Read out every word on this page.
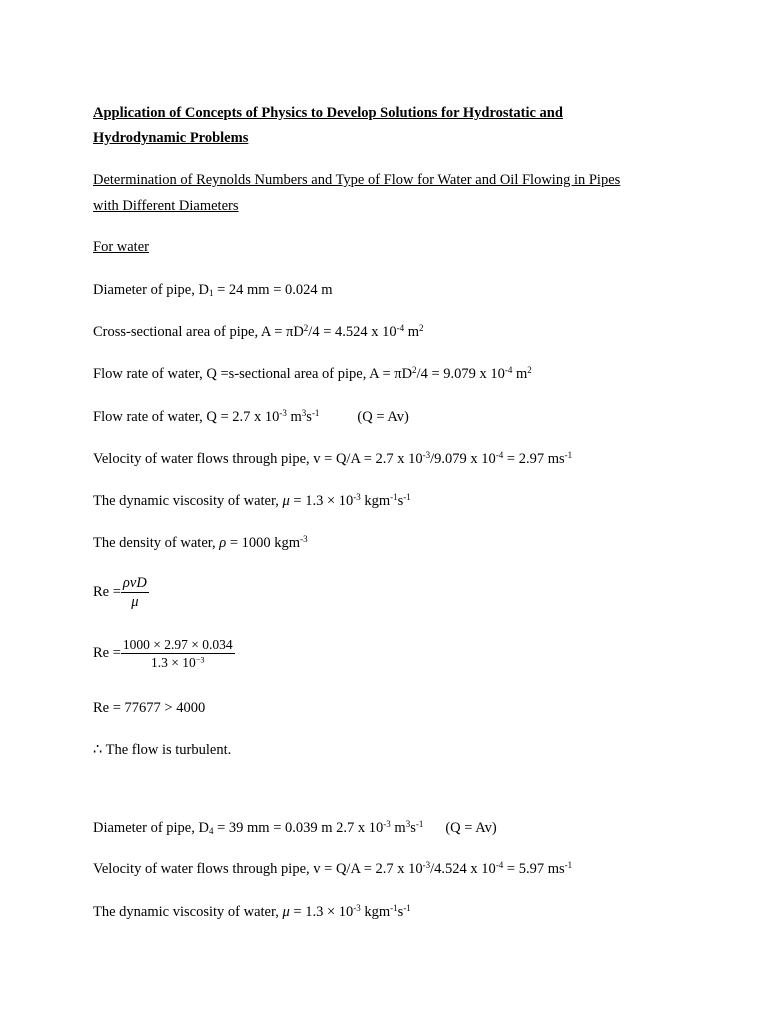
Application of Concepts of Physics to Develop Solutions for Hydrostatic and
Hydrodynamic Problems
Determination of Reynolds Numbers and Type of Flow for Water and Oil Flowing in Pipes
with Different Diameters
For water
Diameter of pipe, $D_1 = 24$ mm = 0.024 m
Cross-sectional area of pipe, $A = \pi D^2/4 = 4.524$ x $10^{-4}$ $m^2$
Flow rate of water, Q =s-sectional area of pipe, $A = \pi D^2/4 = 9.079$ x $10^{-4}$ $m^2$
Flow rate of water, Q = 2.7 x $10^{-3}$ $m^3s^{-1}$	(Q = Av)
Velocity of water flows through pipe, v = Q/A = 2.7 x $10^{-3}/9.079$ x $10^{-4} = 2.97$ $ms^{-1}$
The dynamic viscosity of water, $\mu = 1.3 \times 10^{-3}$ $kgm^{-1}s^{-1}$
The density of water, ρ = 1000 kgm$^{-3}$
$Re = \frac{\text{ρvD}}{\mu}$
$Re = \frac{1000 \times 2.97 \times 0.034}{1.3 \times 10^{-3}}$
Re = 77677 > 4000
∴ The flow is turbulent.
Diameter of pipe, $D_4 = 39$ mm = 0.039 m 2.7 x $10^{-3}$ $m^3s^{-1}$ (Q = Av)
Velocity of water flows through pipe, v = Q/A = 2.7 x $10^{-3}/4.524$ x $10^{-4} = 5.97$ $ms^{-1}$
The dynamic viscosity of water, $\mu = 1.3 \times 10^{-3}$ $kgm^{-1}s^{-1}$
